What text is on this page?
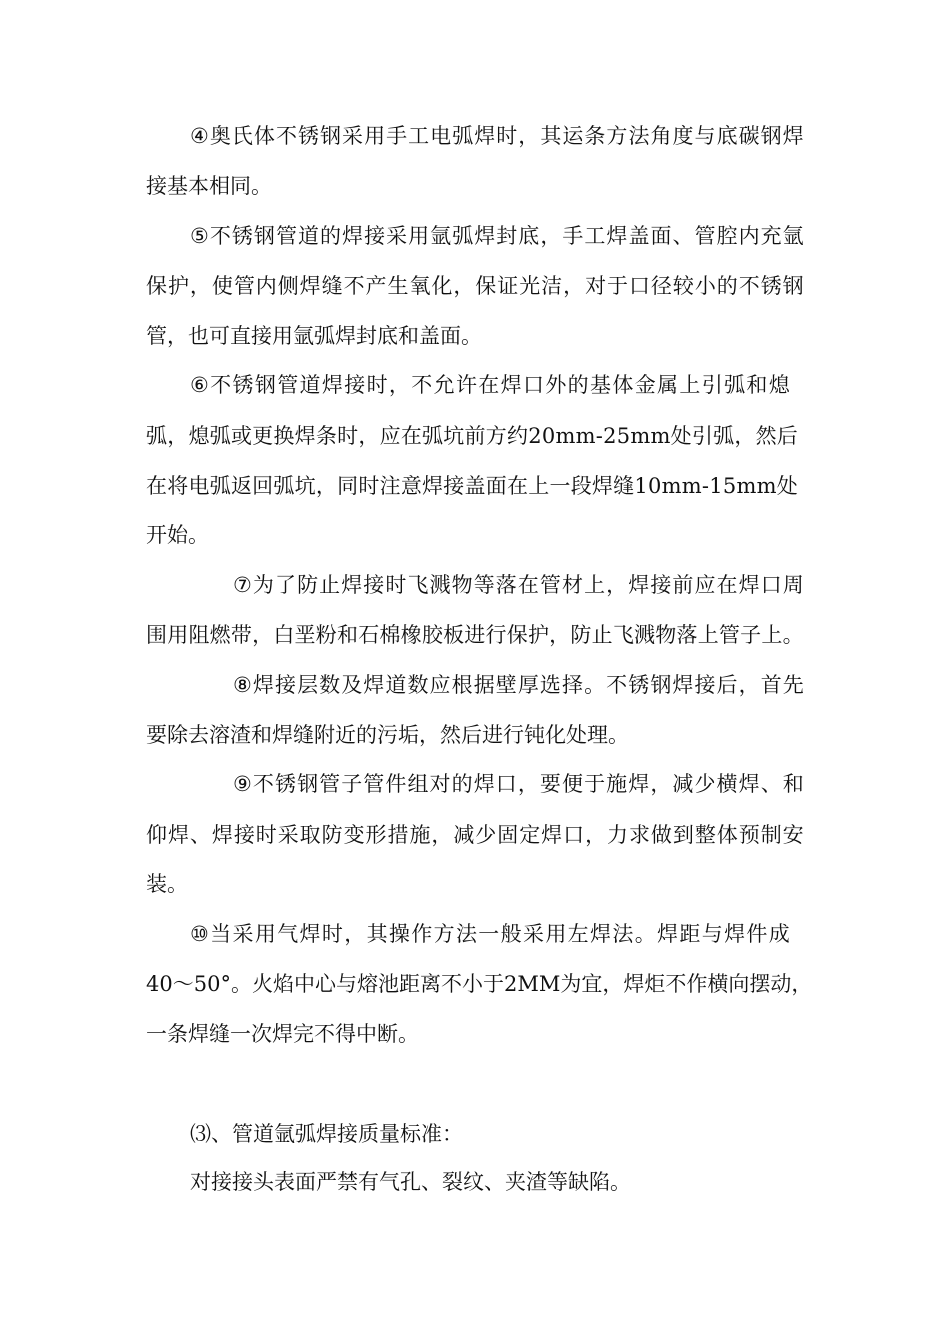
④ 奥 氏 体 不 锈 钢 采 用 手 工 电 弧 焊 时 ， 其 运 条 方 法 角 度 与 底 碳 钢 焊
接基本相同。
⑤ 不 锈 钢 管 道 的 焊 接 采 用 氩 弧 焊 封 底 ， 手 工 焊 盖 面 、 管 腔 内 充 氩
保 护 ， 使 管 内 侧 焊 缝 不 产 生 氧 化 ， 保 证 光 洁 ， 对 于 口 径 较 小 的 不 锈 钢
管，也可直接用氩弧焊封底和盖面。
⑥ 不 锈 钢 管 道 焊 接 时 ， 不 允 许 在 焊 口 外 的 基 体 金 属 上 引 弧 和 熄
弧 ， 熄 弧 或 更 换 焊 条 时 ， 应 在 弧 坑 前 方 约 2 0 m m - 2 5 m m 处 引 弧 ， 然 后
在 将 电 弧 返 回 弧 坑 ， 同 时 注 意 焊 接 盖 面 在 上 一 段 焊 缝 1 0 m m - 1 5 m m 处
开始。
⑦ 为 了 防 止 焊 接 时 飞 溅 物 等 落 在 管 材 上 ， 焊 接 前 应 在 焊 口 周
围 用 阻 燃 带 ， 白 垩 粉 和 石 棉 橡 胶 板 进 行 保 护 ， 防 止 飞 溅 物 落 上 管 子 上 。
⑧ 焊 接 层 数 及 焊 道 数 应 根 据 壁 厚 选 择 。 不 锈 钢 焊 接 后 ， 首 先
要除去溶渣和焊缝附近的污垢，然后进行钝化处理。
⑨ 不 锈 钢 管 子 管 件 组 对 的 焊 口 ， 要 便 于 施 焊 ， 减 少 横 焊 、 和
仰 焊 、 焊 接 时 采 取 防 变 形 措 施 ， 减 少 固 定 焊 口 ， 力 求 做 到 整 体 预 制 安
装。
⑩ 当 采 用 气 焊 时 ， 其 操 作 方 法 一 般 采 用 左 焊 法 。 焊 距 与 焊 件 成
4 0 ～ 5 0 ° 。 火 焰 中 心 与 熔 池 距 离 不 小 于 2 M M 为 宜 ， 焊 炬 不 作 横 向 摆 动 ，
一条焊缝一次焊完不得中断。
⑶、管道氩弧焊接质量标准：
对接接头表面严禁有气孔、裂纹、夹渣等缺陷。
